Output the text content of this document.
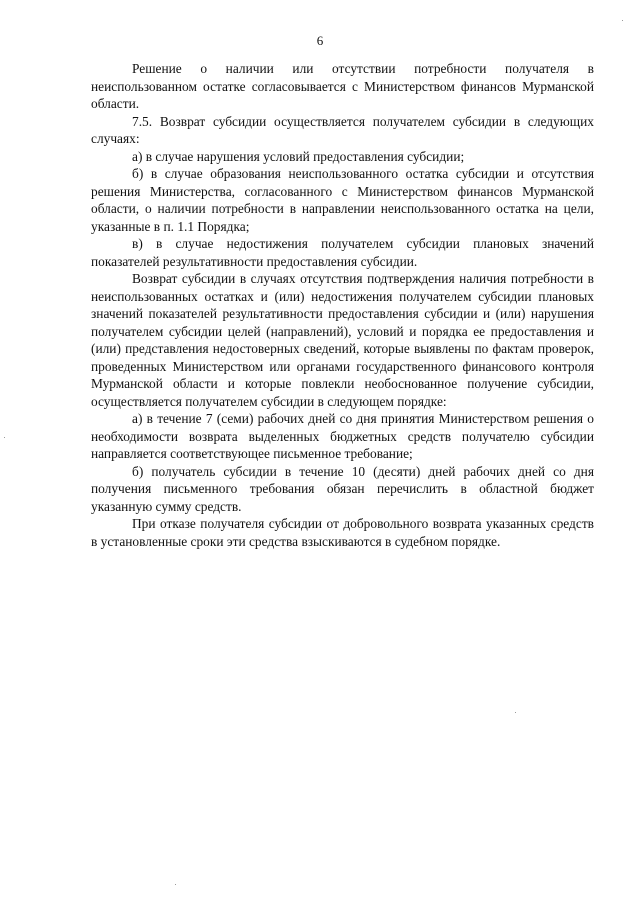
6

Решение о наличии или отсутствии потребности получателя в неиспользованном остатке согласовывается с Министерством финансов Мурманской области.

7.5. Возврат субсидии осуществляется получателем субсидии в следующих случаях:

а) в случае нарушения условий предоставления субсидии;

б) в случае образования неиспользованного остатка субсидии и отсутствия решения Министерства, согласованного с Министерством финансов Мурманской области, о наличии потребности в направлении неиспользованного остатка на цели, указанные в п. 1.1 Порядка;

в) в случае недостижения получателем субсидии плановых значений показателей результативности предоставления субсидии.

Возврат субсидии в случаях отсутствия подтверждения наличия потребности в неиспользованных остатках и (или) недостижения получателем субсидии плановых значений показателей результативности предоставления субсидии и (или) нарушения получателем субсидии целей (направлений), условий и порядка ее предоставления и (или) представления недостоверных сведений, которые выявлены по фактам проверок, проведенных Министерством или органами государственного финансового контроля Мурманской области и которые повлекли необоснованное получение субсидии, осуществляется получателем субсидии в следующем порядке:

а) в течение 7 (семи) рабочих дней со дня принятия Министерством решения о необходимости возврата выделенных бюджетных средств получателю субсидии направляется соответствующее письменное требование;

б) получатель субсидии в течение 10 (десяти) дней рабочих дней со дня получения письменного требования обязан перечислить в областной бюджет указанную сумму средств.

При отказе получателя субсидии от добровольного возврата указанных средств в установленные сроки эти средства взыскиваются в судебном порядке.
